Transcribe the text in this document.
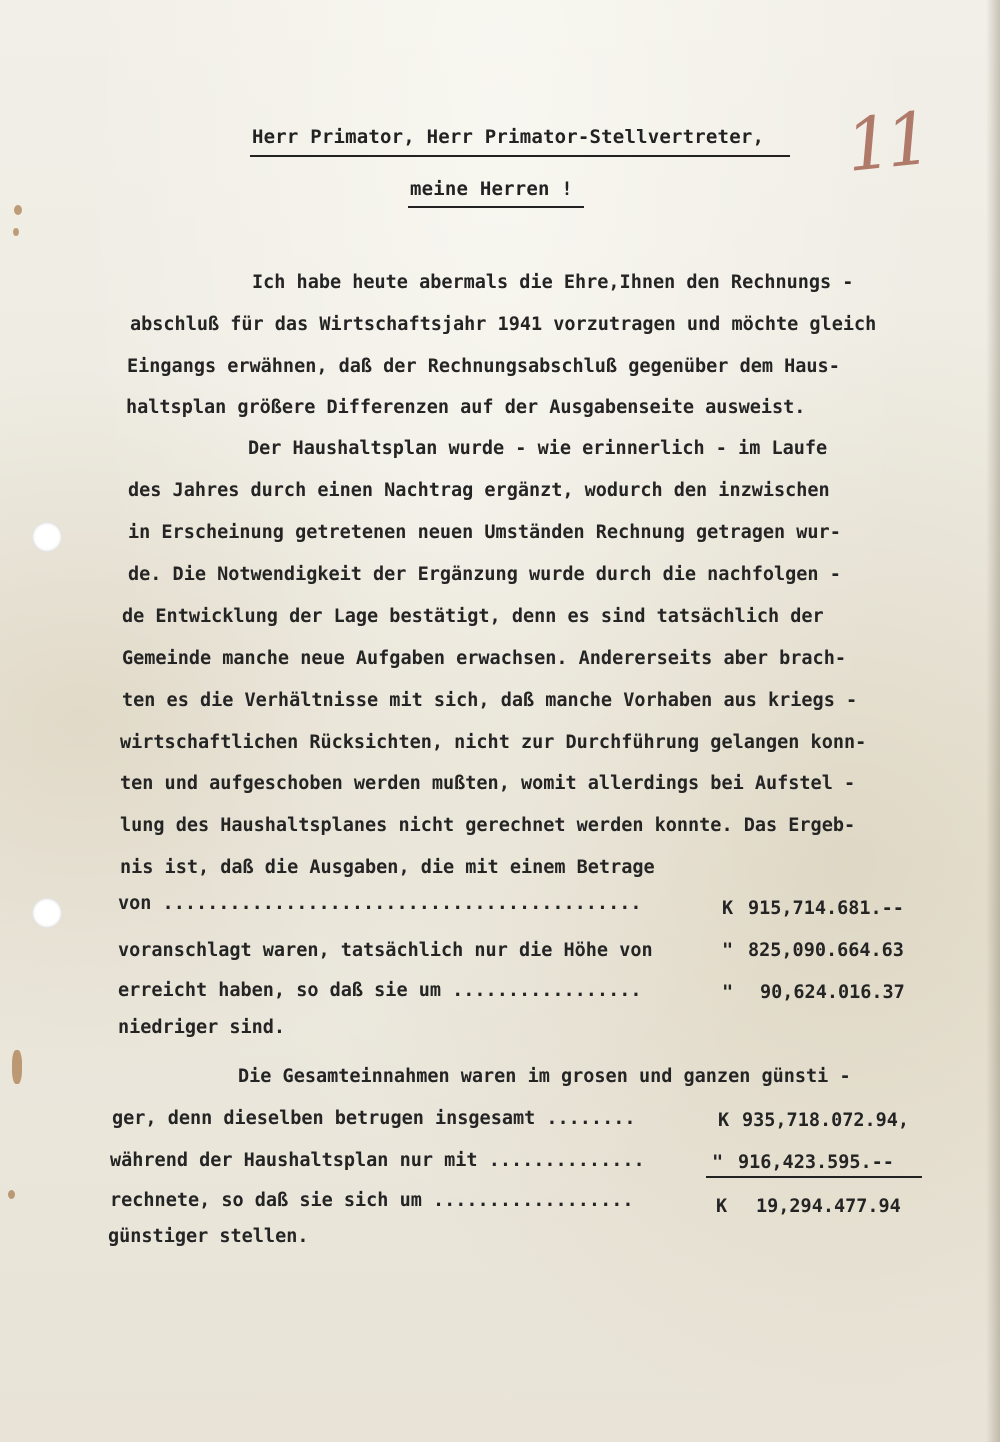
Herr Primator, Herr Primator-Stellvertreter,
meine Herren !
11
Ich habe heute abermals die Ehre,Ihnen den Rechnungs -
abschluß für das Wirtschaftsjahr 1941 vorzutragen und möchte gleich
Eingangs erwähnen, daß der Rechnungsabschluß gegenüber dem Haus-
haltsplan größere Differenzen auf der Ausgabenseite ausweist.
Der Haushaltsplan wurde - wie erinnerlich - im Laufe
des Jahres durch einen Nachtrag ergänzt, wodurch den inzwischen
in Erscheinung getretenen neuen Umständen Rechnung getragen wur-
de. Die Notwendigkeit der Ergänzung wurde durch die nachfolgen -
de Entwicklung der Lage bestätigt, denn es sind tatsächlich der
Gemeinde manche neue Aufgaben erwachsen. Andererseits aber brach-
ten es die Verhältnisse mit sich, daß manche Vorhaben aus kriegs -
wirtschaftlichen Rücksichten, nicht zur Durchführung gelangen konn-
ten und aufgeschoben werden mußten, womit allerdings bei Aufstel -
lung des Haushaltsplanes nicht gerechnet werden konnte. Das Ergeb-
nis ist, daß die Ausgaben, die mit einem Betrage
von ...........................................	K 915,714.681.--
voranschlagt waren, tatsächlich nur die Höhe von	" 825,090.664.63
erreicht haben, so daß sie um .................	" 90,624.016.37
niedriger sind.
Die Gesamteinnahmen waren im grosen und ganzen günsti -
ger, denn dieselben betrugen insgesamt ........	K 935,718.072.94,
während der Haushaltsplan nur mit ..............	" 916,423.595.--
rechnete, so daß sie sich um ..................	K 19,294.477.94
günstiger stellen.
